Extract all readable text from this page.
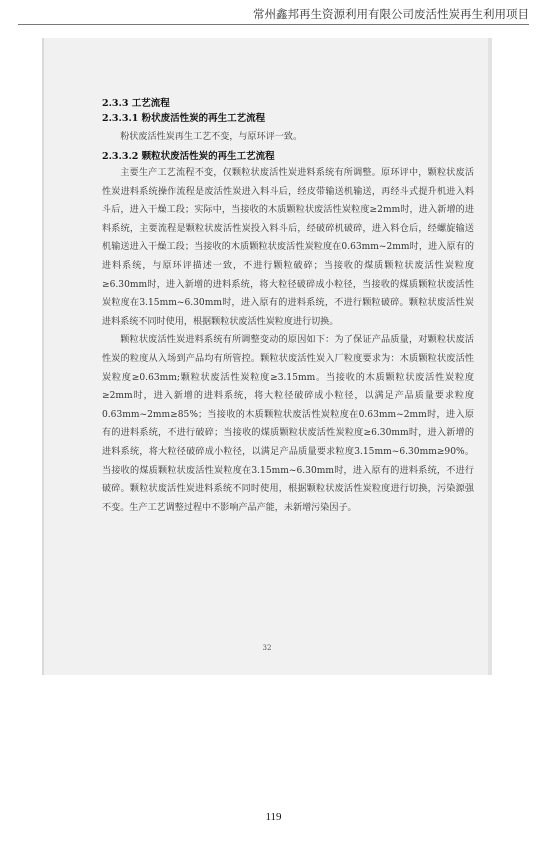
常州鑫邦再生资源利用有限公司废活性炭再生利用项目
2.3.3 工艺流程
2.3.3.1 粉状废活性炭的再生工艺流程

粉状废活性炭再生工艺不变，与原环评一致。

2.3.3.2 颗粒状废活性炭的再生工艺流程

主要生产工艺流程不变，仅颗粒状废活性炭进料系统有所调整。原环评中，颗粒状废活性炭进料系统操作流程是废活性炭进入料斗后，经皮带输送机输送，再经斗式提升机进入料斗后，进入干燥工段；实际中，当接收的木质颗粒状废活性炭粒度≥2mm时，进入新增的进料系统，主要流程是颗粒状废活性炭投入料斗后，经破碎机破碎，进入料仓后，经螺旋输送机输送进入干燥工段；当接收的木质颗粒状废活性炭粒度在0.63mm~2mm时，进入原有的进料系统，与原环评描述一致，不进行颗粒破碎；当接收的煤质颗粒状废活性炭粒度≥6.30mm时，进入新增的进料系统，将大粒径破碎成小粒径，当接收的煤质颗粒状废活性炭粒度在3.15mm~6.30mm时，进入原有的进料系统，不进行颗粒破碎。颗粒状废活性炭进料系统不同时使用，根据颗粒状废活性炭粒度进行切换。

颗粒状废活性炭进料系统有所调整变动的原因如下：为了保证产品质量，对颗粒状废活性炭的粒度从入场到产品均有所管控。颗粒状废活性炭入厂粒度要求为：木质颗粒状废活性炭粒度≥0.63mm;颗粒状废活性炭粒度≥3.15mm。当接收的木质颗粒状废活性炭粒度≥2mm时，进入新增的进料系统，将大粒径破碎成小粒径，以满足产品质量要求粒度0.63mm~2mm≥85%；当接收的木质颗粒状废活性炭粒度在0.63mm~2mm时，进入原有的进料系统，不进行破碎；当接收的煤质颗粒状废活性炭粒度≥6.30mm时，进入新增的进料系统，将大粒径破碎成小粒径，以满足产品质量要求粒度3.15mm~6.30mm≥90%。当接收的煤质颗粒状废活性炭粒度在3.15mm~6.30mm时，进入原有的进料系统，不进行破碎。颗粒状废活性炭进料系统不同时使用，根据颗粒状废活性炭粒度进行切换，污染源强不变。生产工艺调整过程中不影响产品产能，未新增污染因子。

32
119
